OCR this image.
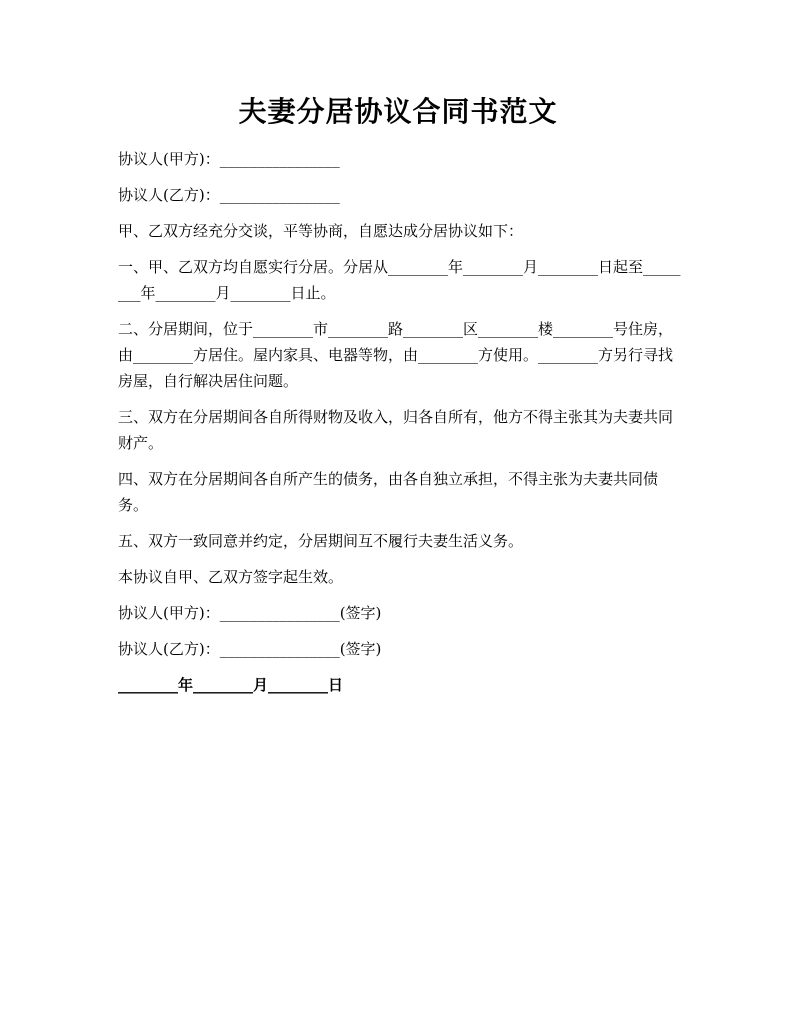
夫妻分居协议合同书范文

协议人(甲方)：________________

协议人(乙方)：________________

甲、乙双方经充分交谈，平等协商，自愿达成分居协议如下：

一、甲、乙双方均自愿实行分居。分居从________年________月________日起至________年________月________日止。

二、分居期间，位于________市________路________区________楼________号住房，由________方居住。屋内家具、电器等物，由________方使用。________方另行寻找房屋，自行解决居住问题。

三、双方在分居期间各自所得财物及收入，归各自所有，他方不得主张其为夫妻共同财产。

四、双方在分居期间各自所产生的债务，由各自独立承担，不得主张为夫妻共同债务。

五、双方一致同意并约定，分居期间互不履行夫妻生活义务。

本协议自甲、乙双方签字起生效。

协议人(甲方)：________________(签字)

协议人(乙方)：________________(签字)

________年________月________日
